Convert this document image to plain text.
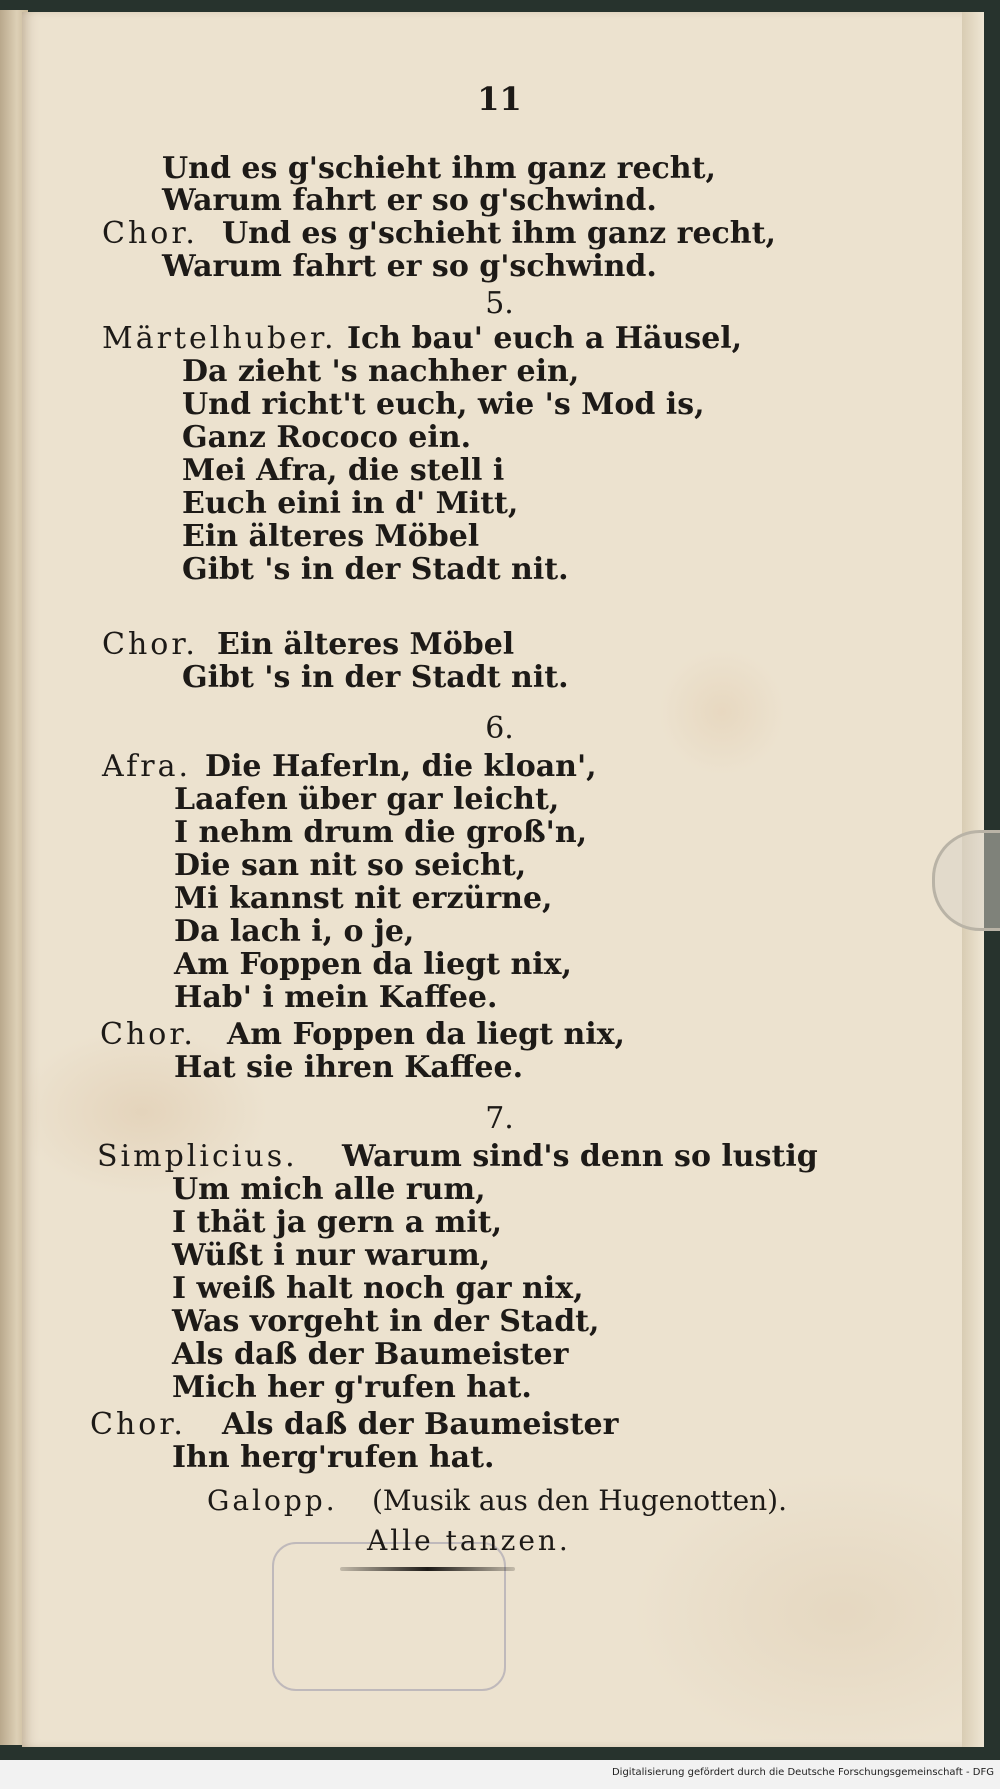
11
Und es g'schieht ihm ganz recht,
Warum fahrt er so g'schwind.
Chor. Und es g'schieht ihm ganz recht,
Warum fahrt er so g'schwind.
5.
Märtelhuber. Ich bau' euch a Häusel,
Da zieht 's nachher ein,
Und richt't euch, wie 's Mod is,
Ganz Rococo ein.
Mei Afra, die stell i
Euch eini in d' Mitt,
Ein älteres Möbel
Gibt 's in der Stadt nit.
Chor. Ein älteres Möbel
Gibt 's in der Stadt nit.
6.
Afra. Die Haferln, die kloan',
Laafen über gar leicht,
I nehm drum die groß'n,
Die san nit so seicht,
Mi kannst nit erzürne,
Da lach i, o je,
Am Foppen da liegt nix,
Hab' i mein Kaffee.
Chor. Am Foppen da liegt nix,
Hat sie ihren Kaffee.
7.
Simplicius. Warum sind's denn so lustig
Um mich alle rum,
I thät ja gern a mit,
Wüßt i nur warum,
I weiß halt noch gar nix,
Was vorgeht in der Stadt,
Als daß der Baumeister
Mich her g'rufen hat.
Chor. Als daß der Baumeister
Ihn herg'rufen hat.
Galopp. (Musik aus den Hugenotten).
Alle tanzen.
Digitalisierung gefördert durch die Deutsche Forschungsgemeinschaft - DFG
